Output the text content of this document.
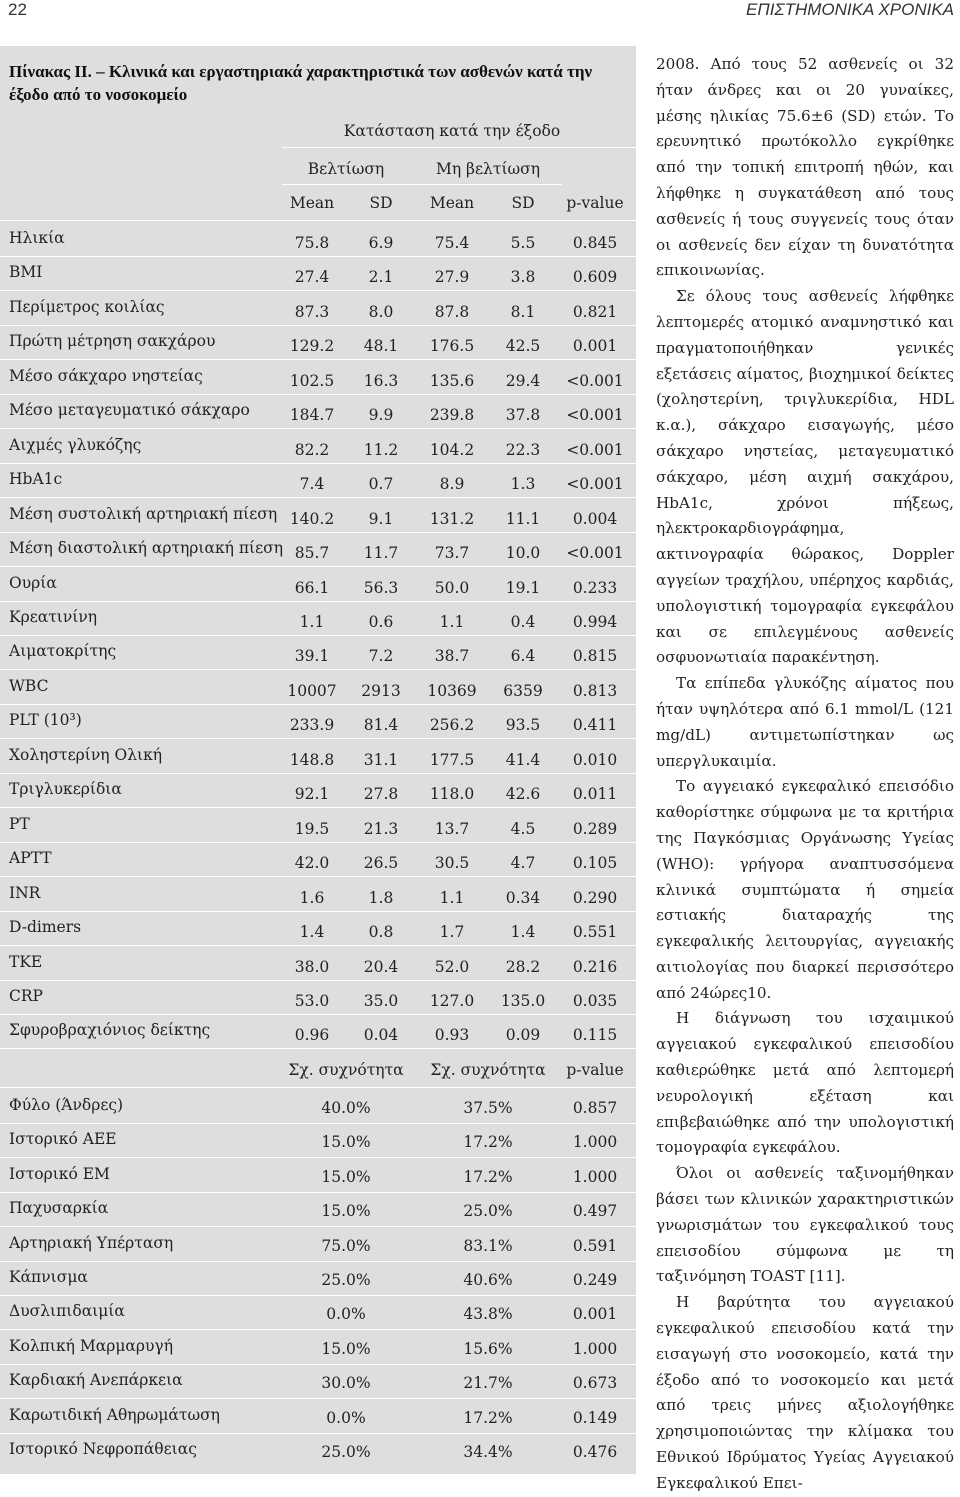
22	ΕΠΙΣΤΗΜΟΝΙΚΑ ΧΡΟΝΙΚΑ
Πίνακας ΙΙ. – Κλινικά και εργαστηριακά χαρακτηριστικά των ασθενών κατά την έξοδο από το νοσοκομείο
Κατάσταση κατά την έξοδο
Βελτίωση	Μη βελτίωση
Mean SD Mean SD p-value
Ηλικία	75.8	6.9	75.4	5.5 0.845
BMI	27.4	2.1	27.9	3.8 0.609
Περίμετρος κοιλίας	87.3	8.0	87.8	8.1 0.821
Πρώτη μέτρηση σακχάρου	129.2 48.1 176.5 42.5 0.001
Μέσο σάκχαρο νηστείας	102.5 16.3 135.6 29.4 <0.001
Μέσο μεταγευματικό σάκχαρο	184.7 9.9 239.8 37.8 <0.001
Αιχμές γλυκόζης	82.2 11.2 104.2 22.3 <0.001
HbA1c	7.4	0.7	8.9	1.3 <0.001
Μέση συστολική αρτηριακή πίεση 140.2 9.1 131.2 11.1 0.004
Μέση διαστολική αρτηριακή πίεση 85.7 11.7 73.7 10.0 <0.001
Ουρία	66.1 56.3 50.0 19.1 0.233
Κρεατινίνη	1.1	0.6	1.1	0.4 0.994
Αιματοκρίτης	39.1	7.2	38.7	6.4 0.815
WBC	10007 2913 10369 6359 0.813
PLT (10³)	233.9 81.4 256.2 93.5 0.411
Χοληστερίνη Ολική	148.8 31.1 177.5 41.4 0.010
Τριγλυκερίδια	92.1 27.8 118.0 42.6 0.011
PT	19.5 21.3 13.7	4.5 0.289
APTT	42.0 26.5 30.5	4.7 0.105
INR	1.6	1.8	1.1	0.34 0.290
D-dimers	1.4	0.8	1.7	1.4 0.551
TKE	38.0 20.4 52.0 28.2 0.216
CRP	53.0 35.0 127.0 135.0 0.035
Σφυροβραχιόνιος δείκτης	0.96 0.04 0.93 0.09 0.115
Σχ. συχνότητα Σχ. συχνότητα p-value
Φύλο (Άνδρες)	40.0%	37.5%	0.857
Ιστορικό ΑΕΕ	15.0%	17.2%	1.000
Ιστορικό ΕΜ	15.0%	17.2%	1.000
Παχυσαρκία	15.0%	25.0%	0.497
Αρτηριακή Υπέρταση	75.0%	83.1%	0.591
Κάπνισμα	25.0%	40.6%	0.249
Δυσλιπιδαιμία	0.0%	43.8%	0.001
Κολπική Μαρμαρυγή	15.0%	15.6%	1.000
Καρδιακή Ανεπάρκεια	30.0%	21.7%	0.673
Καρωτιδική Αθηρωμάτωση	0.0%	17.2%	0.149
Ιστορικό Νεφροπάθειας	25.0%	34.4%	0.476

2008. Από τους 52 ασθενείς οι 32 ήταν άνδρες και οι 20 γυναίκες, μέσης ηλικίας 75.6±6 (SD) ετών. Το ερευνητικό πρωτόκολλο εγκρίθηκε από την τοπική επιτροπή ηθών, και λήφθηκε η συγκατάθεση από τους ασθενείς ή τους συγγενείς τους όταν οι ασθενείς δεν είχαν τη δυνατότητα επικοινωνίας.

Σε όλους τους ασθενείς λήφθηκε λεπτομερές ατομικό αναμνηστικό και πραγματοποιήθηκαν γενικές εξετάσεις αίματος, βιοχημικοί δείκτες (χοληστερίνη, τριγλυκερίδια, HDL κ.α.), σάκχαρο εισαγωγής, μέσο σάκχαρο νηστείας, μεταγευματικό σάκχαρο, μέση αιχμή σακχάρου, HbA1c, χρόνοι πήξεως, ηλεκτροκαρδιογράφημα, ακτινογραφία θώρακος, Doppler αγγείων τραχήλου, υπέρηχος καρδιάς, υπολογιστική τομογραφία εγκεφάλου και σε επιλεγμένους ασθενείς οσφυονωτιαία παρακέντηση.

Τα επίπεδα γλυκόζης αίματος που ήταν υψηλότερα από 6.1 mmol/L (121 mg/dL) αντιμετωπίστηκαν ως υπεργλυκαιμία.

Το αγγειακό εγκεφαλικό επεισόδιο καθορίστηκε σύμφωνα με τα κριτήρια της Παγκόσμιας Οργάνωσης Υγείας (WHO): γρήγορα αναπτυσσόμενα κλινικά συμπτώματα ή σημεία εστιακής διαταραχής της εγκεφαλικής λειτουργίας, αγγειακής αιτιολογίας που διαρκεί περισσότερο από 24ώρες10.

Η διάγνωση του ισχαιμικού αγγειακού εγκεφαλικού επεισοδίου καθιερώθηκε μετά από λεπτομερή νευρολογική εξέταση και επιβεβαιώθηκε από την υπολογιστική τομογραφία εγκεφάλου.

Όλοι οι ασθενείς ταξινομήθηκαν βάσει των κλινικών χαρακτηριστικών γνωρισμάτων του εγκεφαλικού τους επεισοδίου σύμφωνα με τη ταξινόμηση TOAST [11].

Η βαρύτητα του αγγειακού εγκεφαλικού επεισοδίου κατά την εισαγωγή στο νοσοκομείο, κατά την έξοδο από το νοσοκομείο και μετά από τρεις μήνες αξιολογήθηκε χρησιμοποιώντας την κλίμακα του Εθνικού Ιδρύματος Υγείας Αγγειακού Εγκεφαλικού Επει-
